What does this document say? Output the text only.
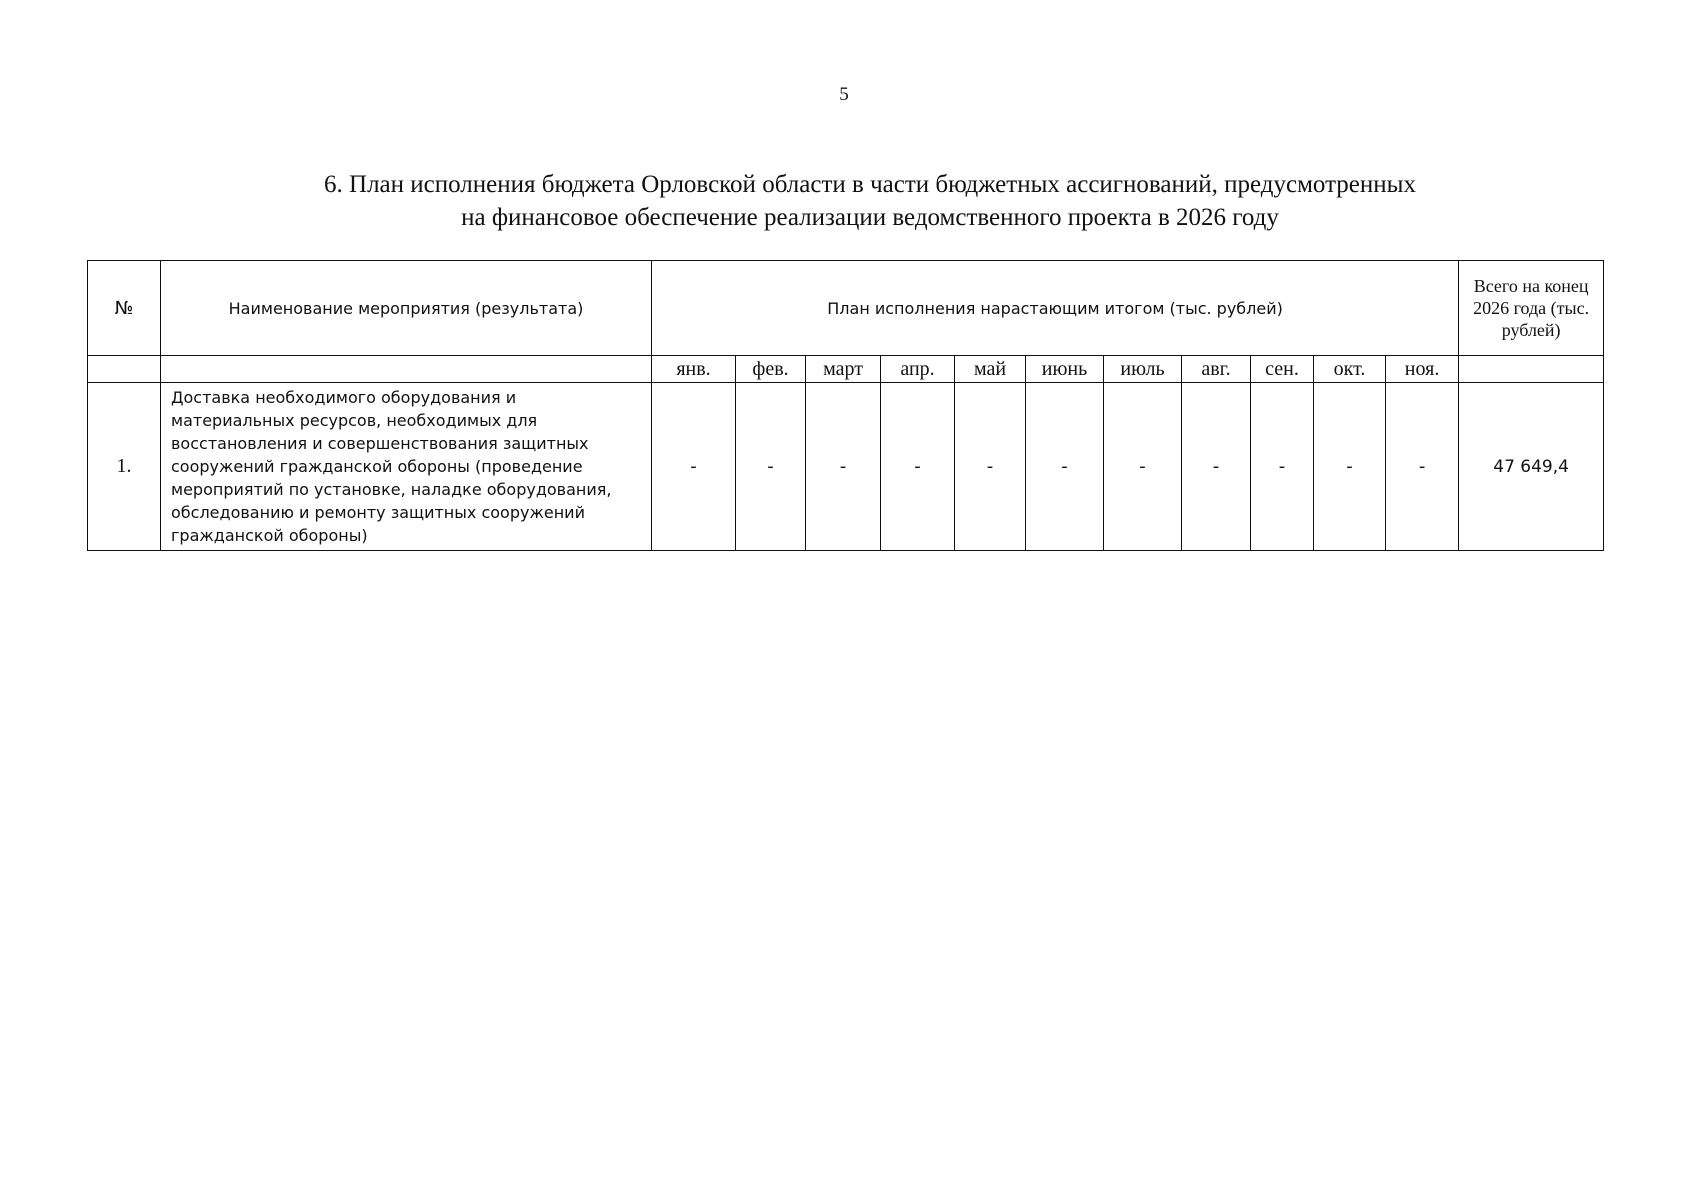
5
6. План исполнения бюджета Орловской области в части бюджетных ассигнований, предусмотренных
на финансовое обеспечение реализации ведомственного проекта в 2026 году
№	Наименование мероприятия (результата)	План исполнения нарастающим итогом (тыс. рублей)											Всего на конец 2026 года (тыс. рублей)
		янв.	фев.	март	апр.	май	июнь	июль	авг.	сен.	окт.	ноя.	
1.	Доставка необходимого оборудования и материальных ресурсов, необходимых для восстановления и совершенствования защитных сооружений гражданской обороны (проведение мероприятий по установке, наладке оборудования, обследованию и ремонту защитных сооружений гражданской обороны)	-	-	-	-	-	-	-	-	-	-	-	47 649,4
